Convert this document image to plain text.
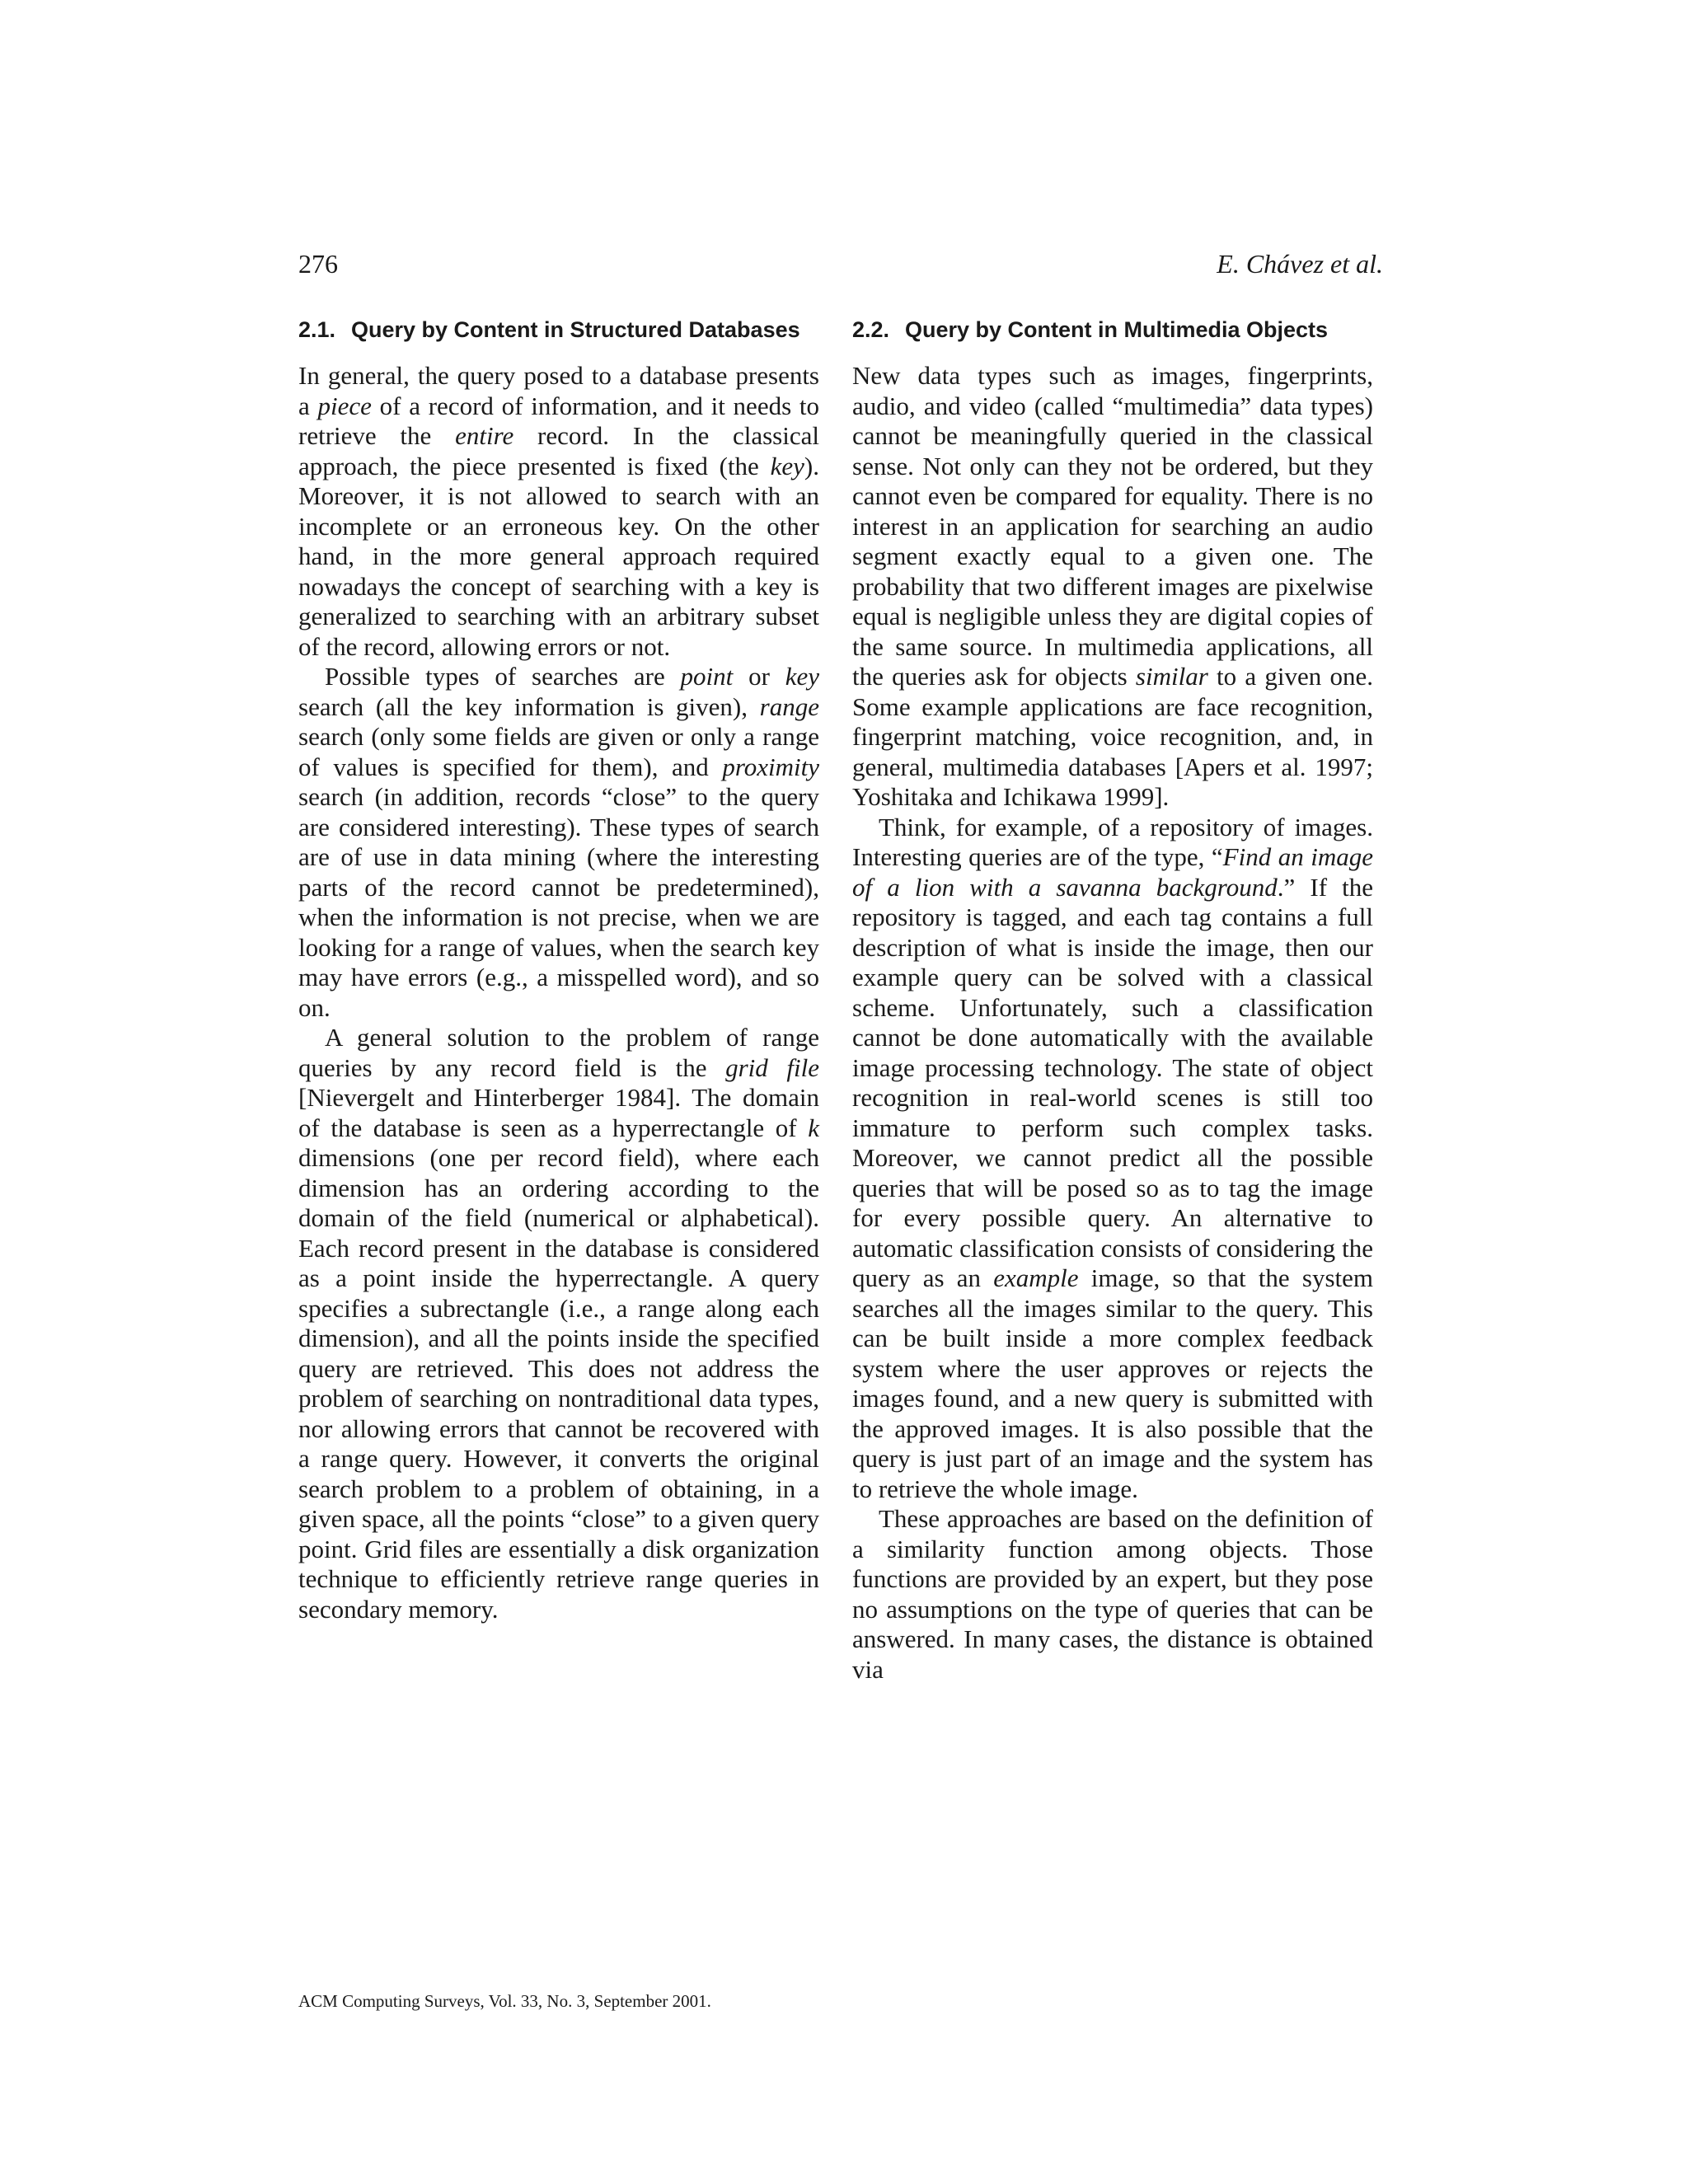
276	E. Chávez et al.
2.1. Query by Content in Structured Databases

In general, the query posed to a database presents a piece of a record of information, and it needs to retrieve the entire record. In the classical approach, the piece presented is fixed (the key). Moreover, it is not allowed to search with an incomplete or an erroneous key. On the other hand, in the more general approach required nowadays the concept of searching with a key is generalized to searching with an arbitrary subset of the record, allowing errors or not.

Possible types of searches are point or key search (all the key information is given), range search (only some fields are given or only a range of values is specified for them), and proximity search (in addition, records “close” to the query are considered interesting). These types of search are of use in data mining (where the interesting parts of the record cannot be predetermined), when the information is not precise, when we are looking for a range of values, when the search key may have errors (e.g., a misspelled word), and so on.

A general solution to the problem of range queries by any record field is the grid file [Nievergelt and Hinterberger 1984]. The domain of the database is seen as a hyperrectangle of k dimensions (one per record field), where each dimension has an ordering according to the domain of the field (numerical or alphabetical). Each record present in the database is considered as a point inside the hyperrectangle. A query specifies a subrectangle (i.e., a range along each dimension), and all the points inside the specified query are retrieved. This does not address the problem of searching on nontraditional data types, nor allowing errors that cannot be recovered with a range query. However, it converts the original search problem to a problem of obtaining, in a given space, all the points “close” to a given query point. Grid files are essentially a disk organization technique to efficiently retrieve range queries in secondary memory.

2.2. Query by Content in Multimedia Objects

New data types such as images, fingerprints, audio, and video (called “multimedia” data types) cannot be meaningfully queried in the classical sense. Not only can they not be ordered, but they cannot even be compared for equality. There is no interest in an application for searching an audio segment exactly equal to a given one. The probability that two different images are pixelwise equal is negligible unless they are digital copies of the same source. In multimedia applications, all the queries ask for objects similar to a given one. Some example applications are face recognition, fingerprint matching, voice recognition, and, in general, multimedia databases [Apers et al. 1997; Yoshitaka and Ichikawa 1999].

Think, for example, of a repository of images. Interesting queries are of the type, “Find an image of a lion with a savanna background.” If the repository is tagged, and each tag contains a full description of what is inside the image, then our example query can be solved with a classical scheme. Unfortunately, such a classification cannot be done automatically with the available image processing technology. The state of object recognition in real-world scenes is still too immature to perform such complex tasks. Moreover, we cannot predict all the possible queries that will be posed so as to tag the image for every possible query. An alternative to automatic classification consists of considering the query as an example image, so that the system searches all the images similar to the query. This can be built inside a more complex feedback system where the user approves or rejects the images found, and a new query is submitted with the approved images. It is also possible that the query is just part of an image and the system has to retrieve the whole image.

These approaches are based on the definition of a similarity function among objects. Those functions are provided by an expert, but they pose no assumptions on the type of queries that can be answered. In many cases, the distance is obtained via

ACM Computing Surveys, Vol. 33, No. 3, September 2001.
